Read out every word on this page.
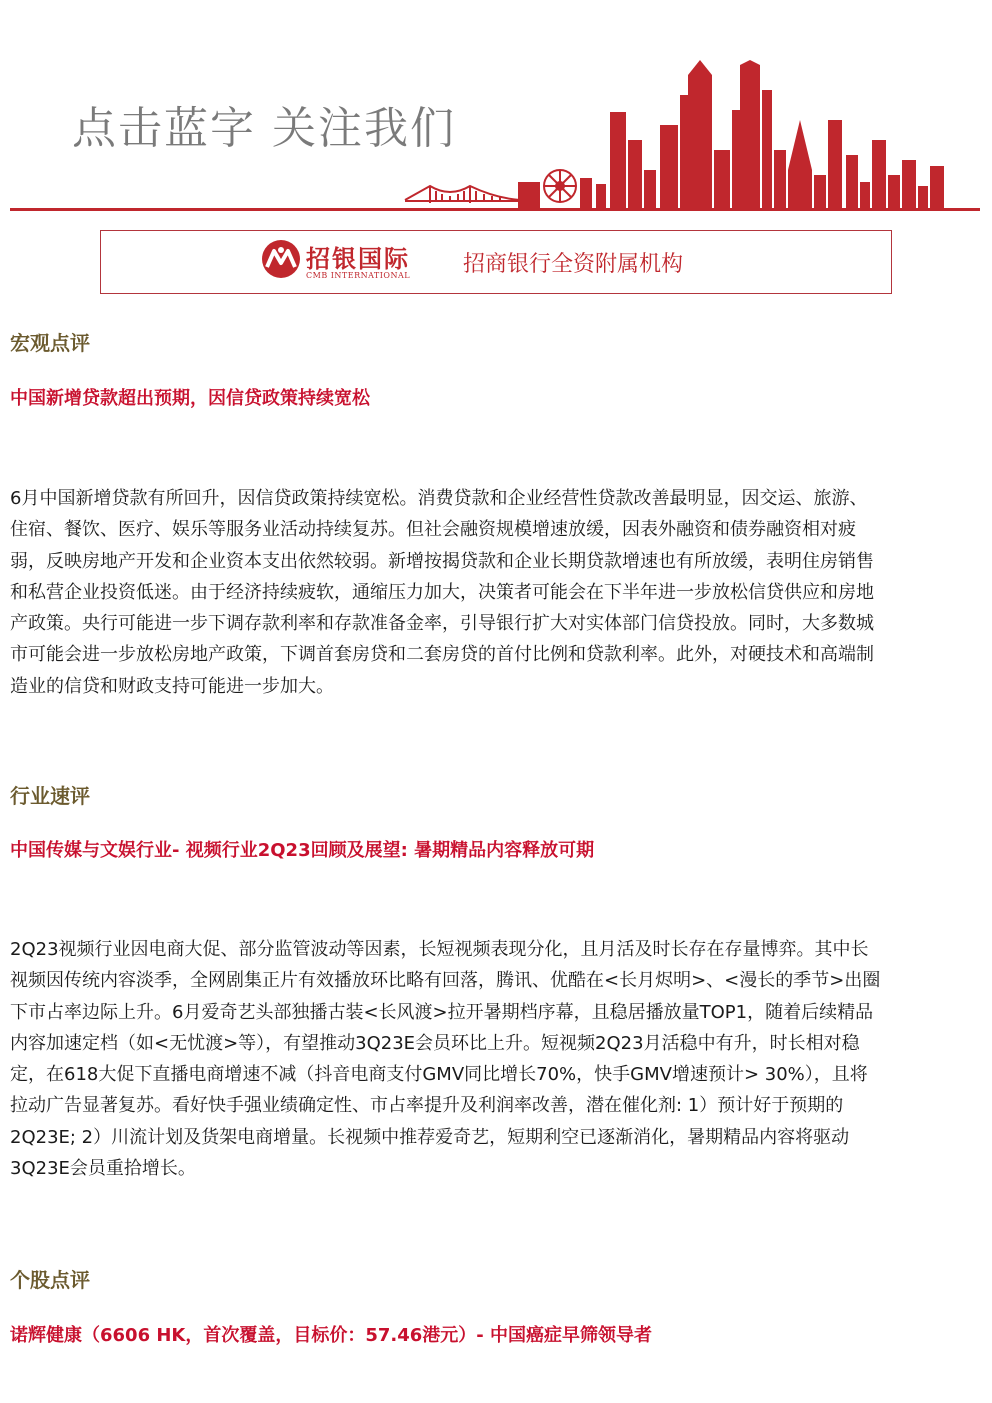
点击蓝字 关注我们
招银国际
CMB INTERNATIONAL 招商银行全资附属机构
宏观点评
中国新增贷款超出预期，因信贷政策持续宽松
6月中国新增贷款有所回升，因信贷政策持续宽松。消费贷款和企业经营性贷款改善最明显，因交运、旅游、
住宿、餐饮、医疗、娱乐等服务业活动持续复苏。但社会融资规模增速放缓，因表外融资和债券融资相对疲
弱，反映房地产开发和企业资本支出依然较弱。新增按揭贷款和企业长期贷款增速也有所放缓，表明住房销售
和私营企业投资低迷。由于经济持续疲软，通缩压力加大，决策者可能会在下半年进一步放松信贷供应和房地
产政策。央行可能进一步下调存款利率和存款准备金率，引导银行扩大对实体部门信贷投放。同时，大多数城
市可能会进一步放松房地产政策，下调首套房贷和二套房贷的首付比例和贷款利率。此外，对硬技术和高端制
造业的信贷和财政支持可能进一步加大。
行业速评
中国传媒与文娱行业- 视频行业2Q23回顾及展望: 暑期精品内容释放可期
2Q23视频行业因电商大促、部分监管波动等因素，长短视频表现分化，且月活及时长存在存量博弈。其中长
视频因传统内容淡季，全网剧集正片有效播放环比略有回落，腾讯、优酷在<长月烬明>、<漫长的季节>出圈
下市占率边际上升。6月爱奇艺头部独播古装<长风渡>拉开暑期档序幕，且稳居播放量TOP1，随着后续精品
内容加速定档（如<无忧渡>等），有望推动3Q23E会员环比上升。短视频2Q23月活稳中有升，时长相对稳
定，在618大促下直播电商增速不减（抖音电商支付GMV同比增长70%，快手GMV增速预计> 30%），且将
拉动广告显著复苏。看好快手强业绩确定性、市占率提升及利润率改善，潜在催化剂: 1）预计好于预期的
2Q23E; 2）川流计划及货架电商增量。长视频中推荐爱奇艺，短期利空已逐渐消化，暑期精品内容将驱动
3Q23E会员重拾增长。
个股点评
诺辉健康（6606 HK，首次覆盖，目标价：57.46港元）- 中国癌症早筛领导者
